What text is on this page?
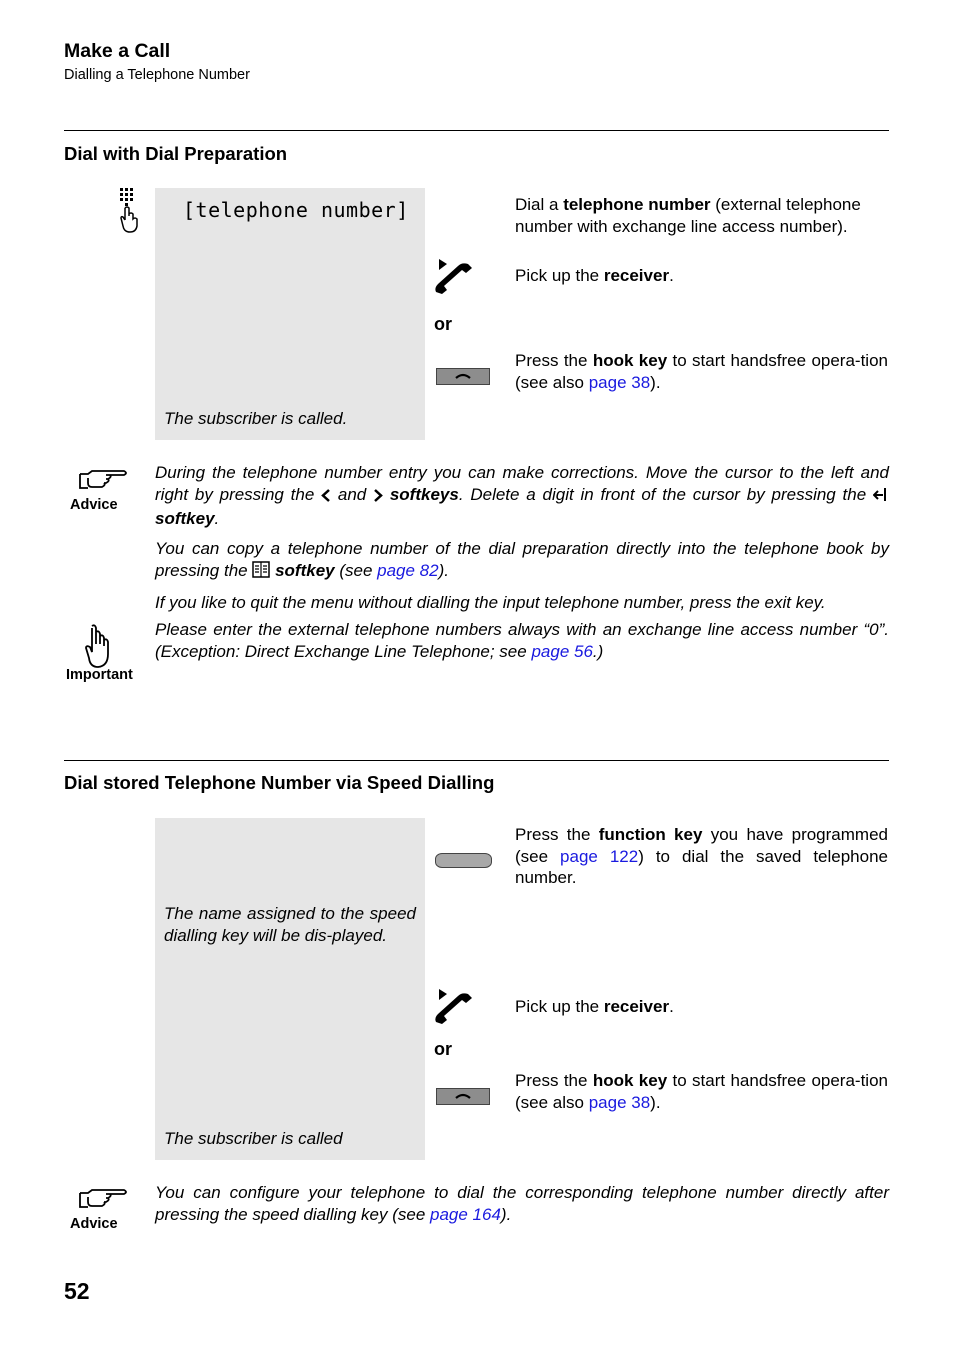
Make a Call
Dialling a Telephone Number
Dial with Dial Preparation
[telephone number]
The subscriber is called.
Dial a telephone number (external telephone number with exchange line access number).
Pick up the receiver.
or
Press the hook key to start handsfree opera-tion (see also page 38).
Advice
During the telephone number entry you can make corrections. Move the cursor to the left and right by pressing the  and  softkeys. Delete a digit in front of the cursor by pressing the  softkey.
You can copy a telephone number of the dial preparation directly into the telephone book by pressing the  softkey (see page 82).
If you like to quit the menu without dialling the input telephone number, press the exit key.
Important
Please enter the external telephone numbers always with an exchange line access number “0”. (Exception: Direct Exchange Line Telephone; see page 56.)
Dial stored Telephone Number via Speed Dialling
The name assigned to the speed dialling key will be dis-played.
The subscriber is called
Press the function key you have programmed (see page 122) to dial the saved telephone number.
Pick up the receiver.
or
Press the hook key to start handsfree opera-tion (see also page 38).
Advice
You can configure your telephone to dial the corresponding telephone number directly after pressing the speed dialling key (see page 164).
52
